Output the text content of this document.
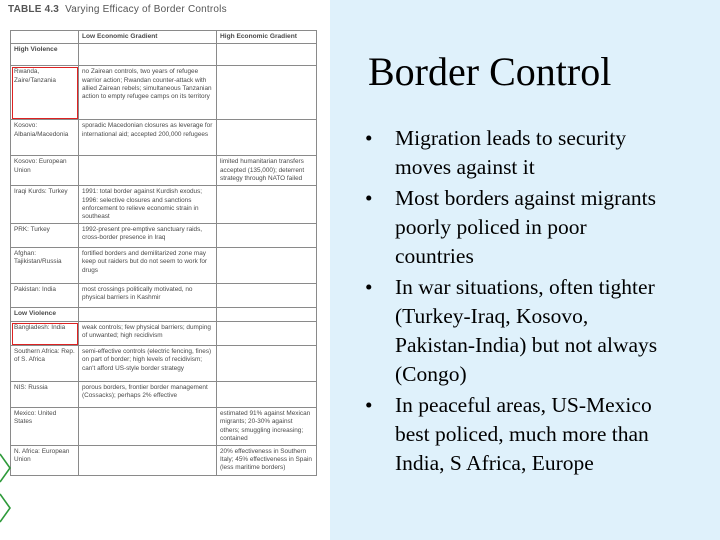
TABLE 4.3 Varying Efficacy of Border Controls
	Low Economic Gradient	High Economic Gradient
High Violence		
Rwanda, Zaire/Tanzania	no Zairean controls, two years of refugee warrior action; Rwandan counter-attack with allied Zairean rebels; simultaneous Tanzanian action to empty refugee camps on its territory	
Kosovo: Albania/Macedonia	sporadic Macedonian closures as leverage for international aid; accepted 200,000 refugees	
Kosovo: European Union		limited humanitarian transfers accepted (135,000); deterrent strategy through NATO failed
Iraqi Kurds: Turkey	1991: total border against Kurdish exodus; 1996: selective closures and sanctions enforcement to relieve economic strain in southeast	
PRK: Turkey	1992-present pre-emptive sanctuary raids, cross-border presence in Iraq	
Afghan: Tajikistan/Russia	fortified borders and demilitarized zone may keep out raiders but do not seem to work for drugs	
Pakistan: India	most crossings politically motivated, no physical barriers in Kashmir	
Low Violence		
Bangladesh: India	weak controls; few physical barriers; dumping of unwanted; high recidivism	
Southern Africa: Rep. of S. Africa	semi-effective controls (electric fencing, fines) on part of border; high levels of recidivism; can't afford US-style border strategy	
NIS: Russia	porous borders, frontier border management (Cossacks); perhaps 2% effective	
Mexico: United States		estimated 91% against Mexican migrants; 20-30% against others; smuggling increasing; contained
N. Africa: European Union		20% effectiveness in Southern Italy; 45% effectiveness in Spain (less maritime borders)
Border Control
• Migration leads to security moves against it
• Most borders against migrants poorly policed in poor countries
• In war situations, often tighter (Turkey-Iraq, Kosovo, Pakistan-India) but not always (Congo)
• In peaceful areas, US-Mexico best policed, much more than India, S Africa, Europe
